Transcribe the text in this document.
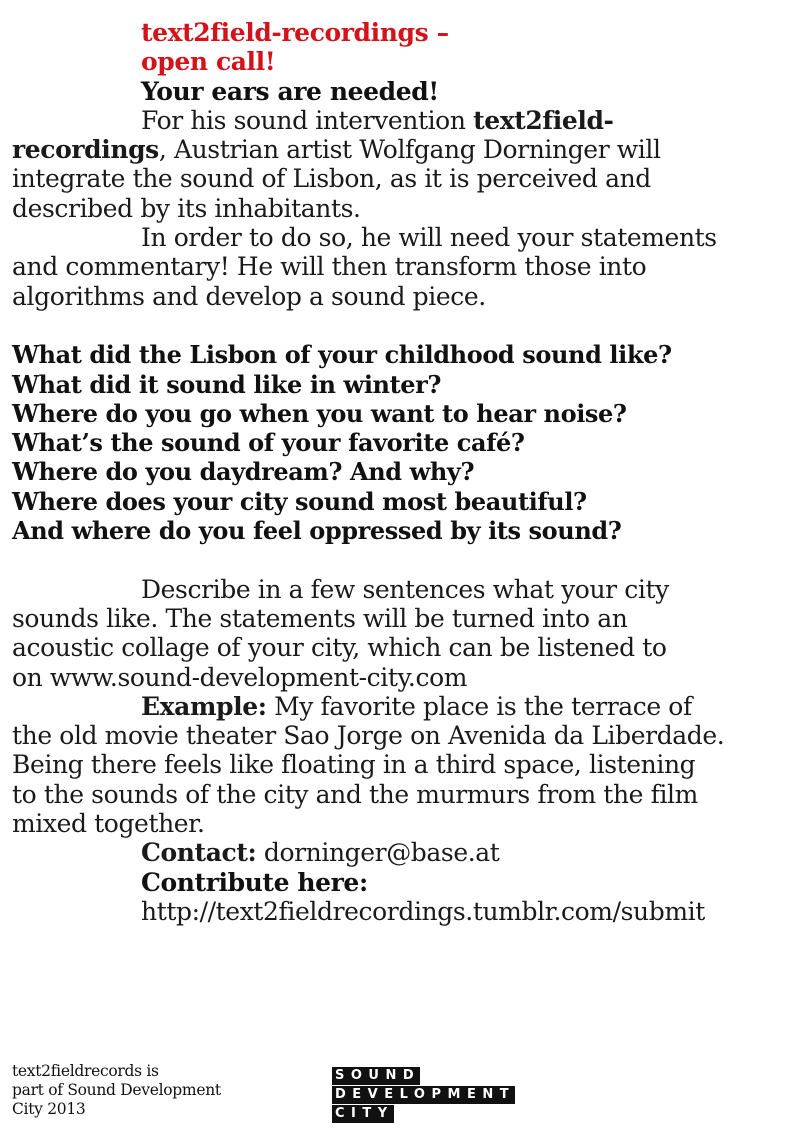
text2field-recordings –
open call!
Your ears are needed!
For his sound intervention text2field-
recordings, Austrian artist Wolfgang Dorninger will
integrate the sound of Lisbon, as it is perceived and
described by its inhabitants.
In order to do so, he will need your statements
and commentary! He will then transform those into
algorithms and develop a sound piece.
What did the Lisbon of your childhood sound like?
What did it sound like in winter?
Where do you go when you want to hear noise?
What’s the sound of your favorite café?
Where do you daydream? And why?
Where does your city sound most beautiful?
And where do you feel oppressed by its sound?
Describe in a few sentences what your city
sounds like. The statements will be turned into an
acoustic collage of your city, which can be listened to
on www.sound-development-city.com
Example: My favorite place is the terrace of
the old movie theater Sao Jorge on Avenida da Liberdade.
Being there feels like floating in a third space, listening
to the sounds of the city and the murmurs from the film
mixed together.
Contact: dorninger@base.at
Contribute here:
http://text2fieldrecordings.tumblr.com/submit
text2fieldrecords is
part of Sound Development
City 2013
SOUND
DEVELOPMENT
CITY
